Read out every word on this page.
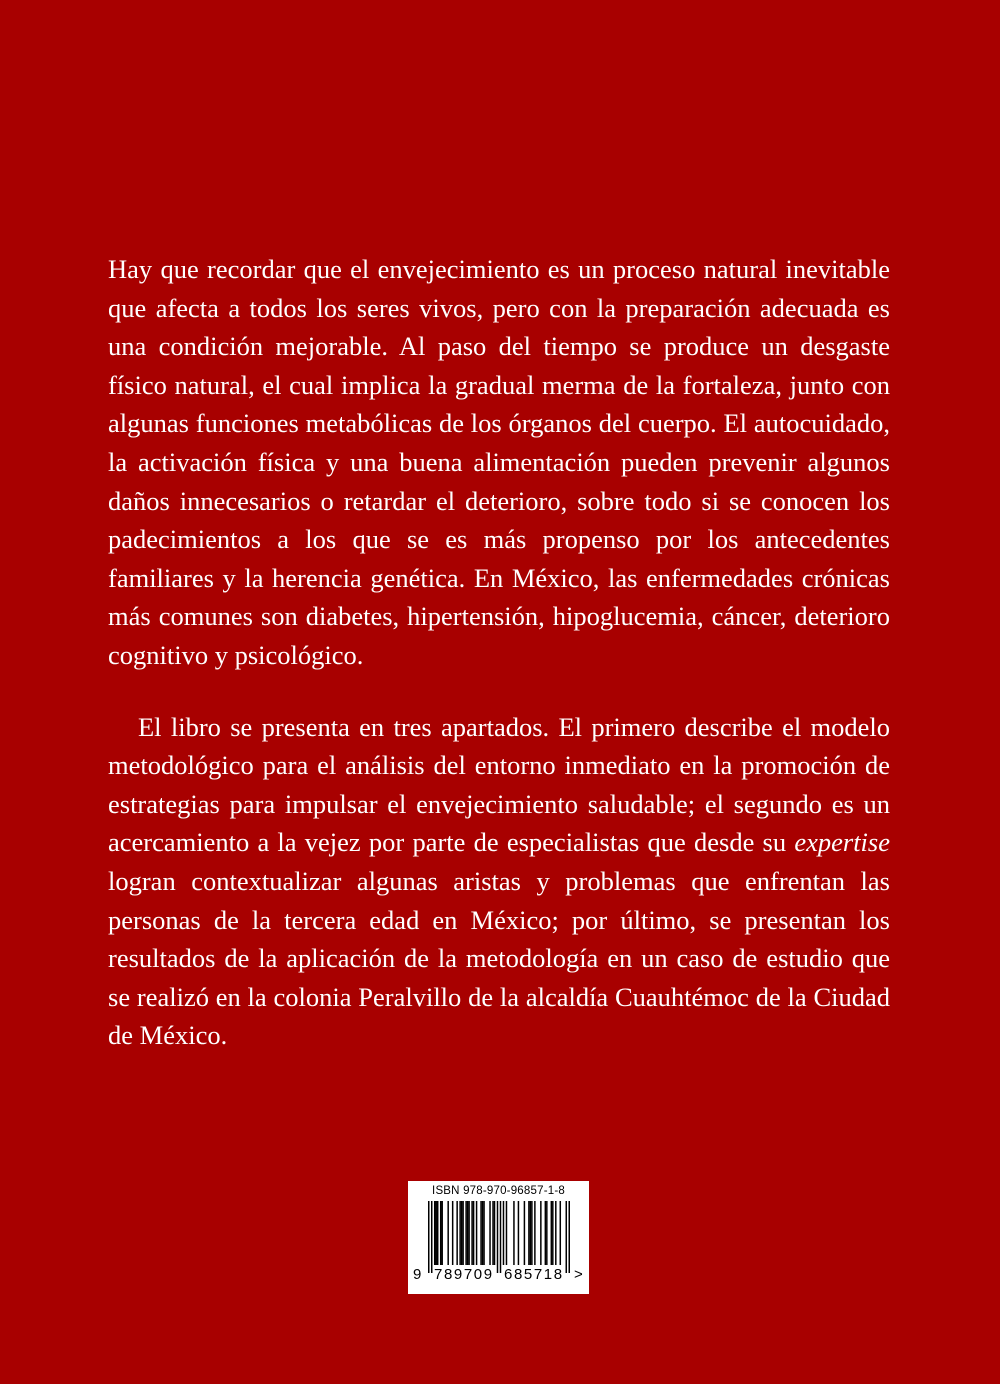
Hay que recordar que el envejecimiento es un proceso natural inevitable que afecta a todos los seres vivos, pero con la preparación adecuada es una condición mejorable. Al paso del tiempo se produce un desgaste físico natural, el cual implica la gradual merma de la fortaleza, junto con algunas funciones metabólicas de los órganos del cuerpo. El autocuidado, la activación física y una buena alimentación pueden prevenir algunos daños innecesarios o retardar el deterioro, sobre todo si se conocen los padecimientos a los que se es más propenso por los antecedentes familiares y la herencia genética. En México, las enfermedades crónicas más comunes son diabetes, hipertensión, hipoglucemia, cáncer, deterioro cognitivo y psicológico.

El libro se presenta en tres apartados. El primero describe el modelo metodológico para el análisis del entorno inmediato en la promoción de estrategias para impulsar el envejecimiento saludable; el segundo es un acercamiento a la vejez por parte de especialistas que desde su expertise logran contextualizar algunas aristas y problemas que enfrentan las personas de la tercera edad en México; por último, se presentan los resultados de la aplicación de la metodología en un caso de estudio que se realizó en la colonia Peralvillo de la alcaldía Cuauhtémoc de la Ciudad de México.

ISBN 978-970-96857-1-8
9 789709 685718 >
